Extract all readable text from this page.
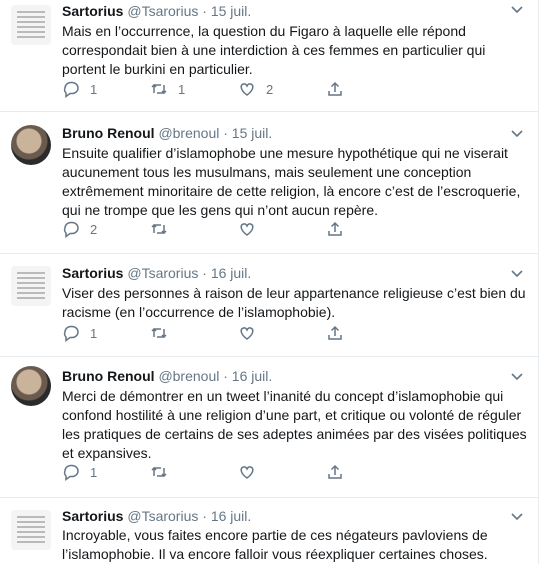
Sartorius @Tsarorius · 15 juil.
Mais en l’occurrence, la question du Figaro à laquelle elle répond correspondait bien à une interdiction à ces femmes en particulier qui portent le burkini en particulier.
1	1	2
Bruno Renoul @brenoul · 15 juil.
Ensuite qualifier d’islamophobe une mesure hypothétique qui ne viserait aucunement tous les musulmans, mais seulement une conception extrêmement minoritaire de cette religion, là encore c’est de l’escroquerie, qui ne trompe que les gens qui n’ont aucun repère.
2
Sartorius @Tsarorius · 16 juil.
Viser des personnes à raison de leur appartenance religieuse c’est bien du racisme (en l’occurrence de l’islamophobie).
1
Bruno Renoul @brenoul · 16 juil.
Merci de démontrer en un tweet l’inanité du concept d’islamophobie qui confond hostilité à une religion d’une part, et critique ou volonté de réguler les pratiques de certains de ses adeptes animées par des visées politiques et expansives.
1
Sartorius @Tsarorius · 16 juil.
Incroyable, vous faites encore partie de ces négateurs pavloviens de l’islamophobie. Il va encore falloir vous réexpliquer certaines choses.
